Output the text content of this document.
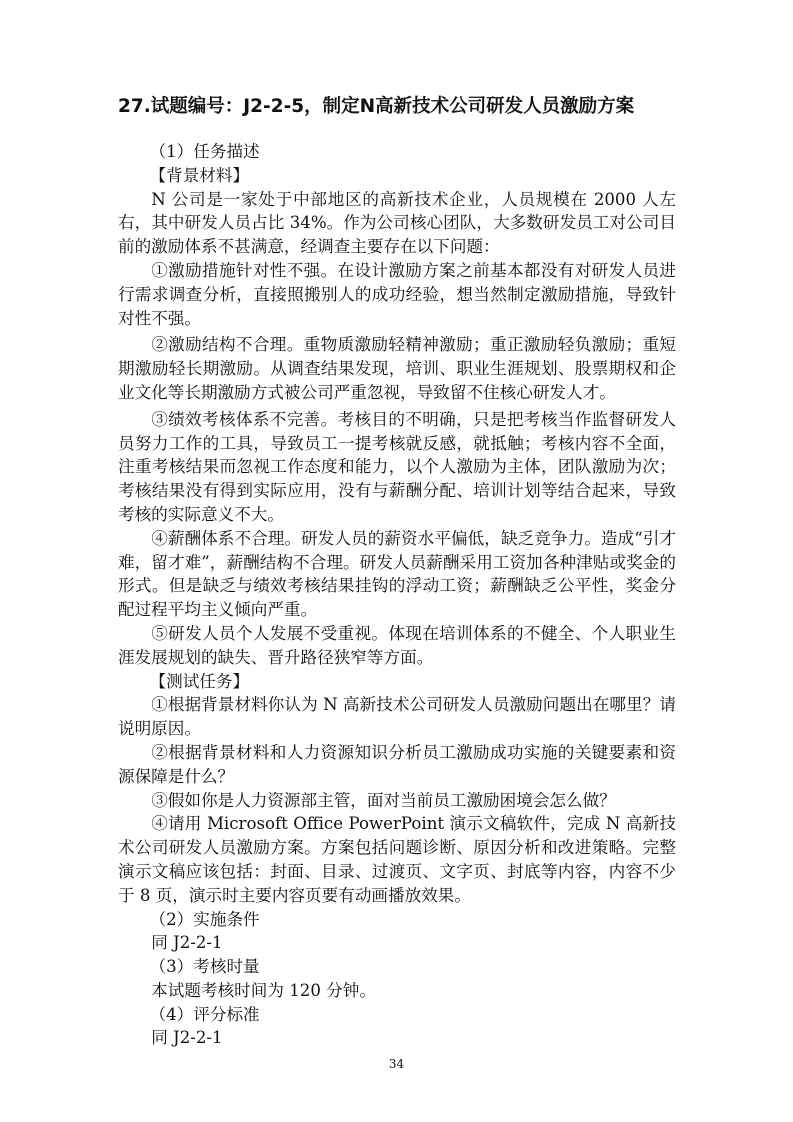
27.试题编号：J2-2-5，制定N高新技术公司研发人员激励方案

（1）任务描述

【背景材料】

N 公司是一家处于中部地区的高新技术企业，人员规模在 2000 人左右，其中研发人员占比 34%。作为公司核心团队，大多数研发员工对公司目前的激励体系不甚满意，经调查主要存在以下问题：

①激励措施针对性不强。在设计激励方案之前基本都没有对研发人员进行需求调查分析，直接照搬别人的成功经验，想当然制定激励措施，导致针对性不强。

②激励结构不合理。重物质激励轻精神激励；重正激励轻负激励；重短期激励轻长期激励。从调查结果发现，培训、职业生涯规划、股票期权和企业文化等长期激励方式被公司严重忽视，导致留不住核心研发人才。

③绩效考核体系不完善。考核目的不明确，只是把考核当作监督研发人员努力工作的工具，导致员工一提考核就反感，就抵触；考核内容不全面，注重考核结果而忽视工作态度和能力，以个人激励为主体，团队激励为次；考核结果没有得到实际应用，没有与薪酬分配、培训计划等结合起来，导致考核的实际意义不大。

④薪酬体系不合理。研发人员的薪资水平偏低，缺乏竞争力。造成“引才难，留才难”，薪酬结构不合理。研发人员薪酬采用工资加各种津贴或奖金的形式。但是缺乏与绩效考核结果挂钩的浮动工资；薪酬缺乏公平性，奖金分配过程平均主义倾向严重。

⑤研发人员个人发展不受重视。体现在培训体系的不健全、个人职业生涯发展规划的缺失、晋升路径狭窄等方面。

【测试任务】

①根据背景材料你认为 N 高新技术公司研发人员激励问题出在哪里？请说明原因。

②根据背景材料和人力资源知识分析员工激励成功实施的关键要素和资源保障是什么？

③假如你是人力资源部主管，面对当前员工激励困境会怎么做？

④请用 Microsoft Office PowerPoint 演示文稿软件，完成 N 高新技术公司研发人员激励方案。方案包括问题诊断、原因分析和改进策略。完整演示文稿应该包括：封面、目录、过渡页、文字页、封底等内容，内容不少于 8 页，演示时主要内容页要有动画播放效果。

（2）实施条件

同 J2-2-1

（3）考核时量

本试题考核时间为 120 分钟。

（4）评分标准

同 J2-2-1

34
